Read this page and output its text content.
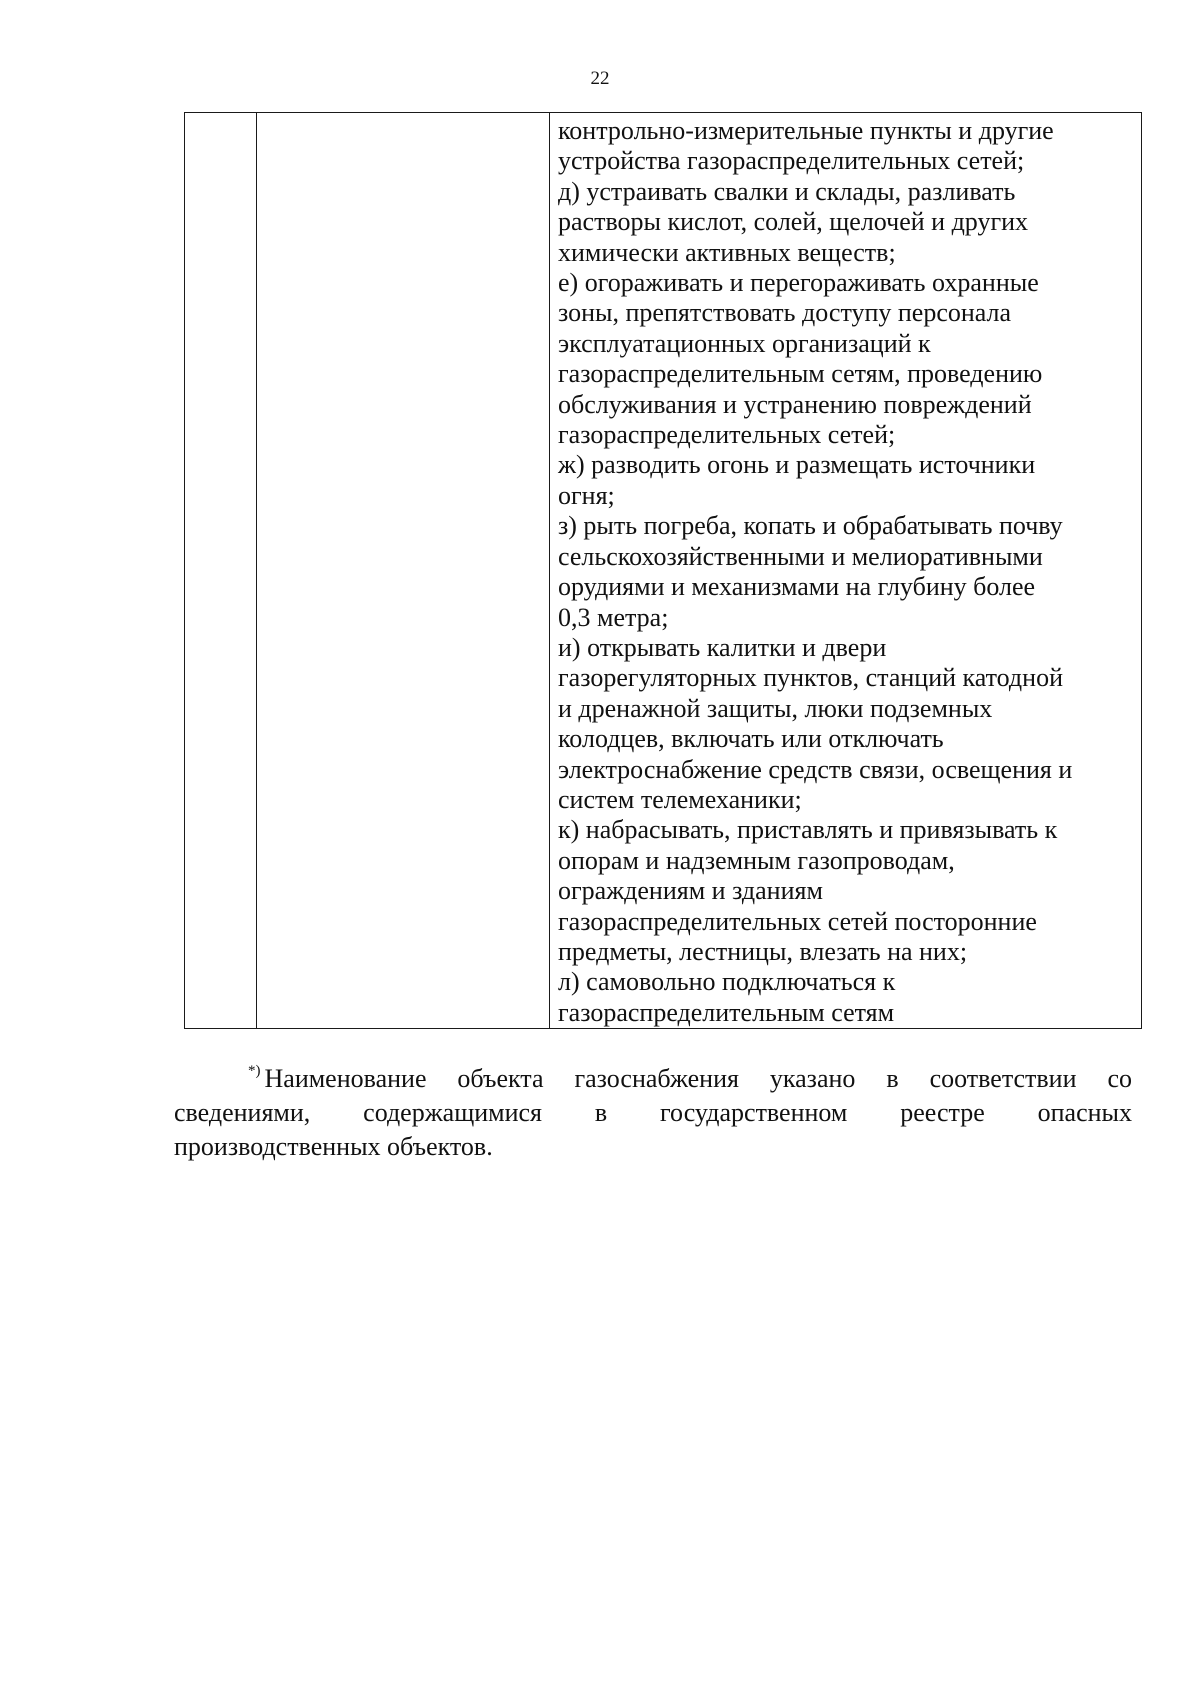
22

контрольно-измерительные пункты и другие
устройства газораспределительных сетей;
д) устраивать свалки и склады, разливать
растворы кислот, солей, щелочей и других
химически активных веществ;
е) огораживать и перегораживать охранные
зоны, препятствовать доступу персонала
эксплуатационных организаций к
газораспределительным сетям, проведению
обслуживания и устранению повреждений
газораспределительных сетей;
ж) разводить огонь и размещать источники
огня;
з) рыть погреба, копать и обрабатывать почву
сельскохозяйственными и мелиоративными
орудиями и механизмами на глубину более
0,3 метра;
и) открывать калитки и двери
газорегуляторных пунктов, станций катодной
и дренажной защиты, люки подземных
колодцев, включать или отключать
электроснабжение средств связи, освещения и
систем телемеханики;
к) набрасывать, приставлять и привязывать к
опорам и надземным газопроводам,
ограждениям и зданиям
газораспределительных сетей посторонние
предметы, лестницы, влезать на них;
л) самовольно подключаться к
газораспределительным сетям
*) Наименование объекта газоснабжения указано в соответствии со
сведениями, содержащимися в государственном реестре опасных
производственных объектов.
